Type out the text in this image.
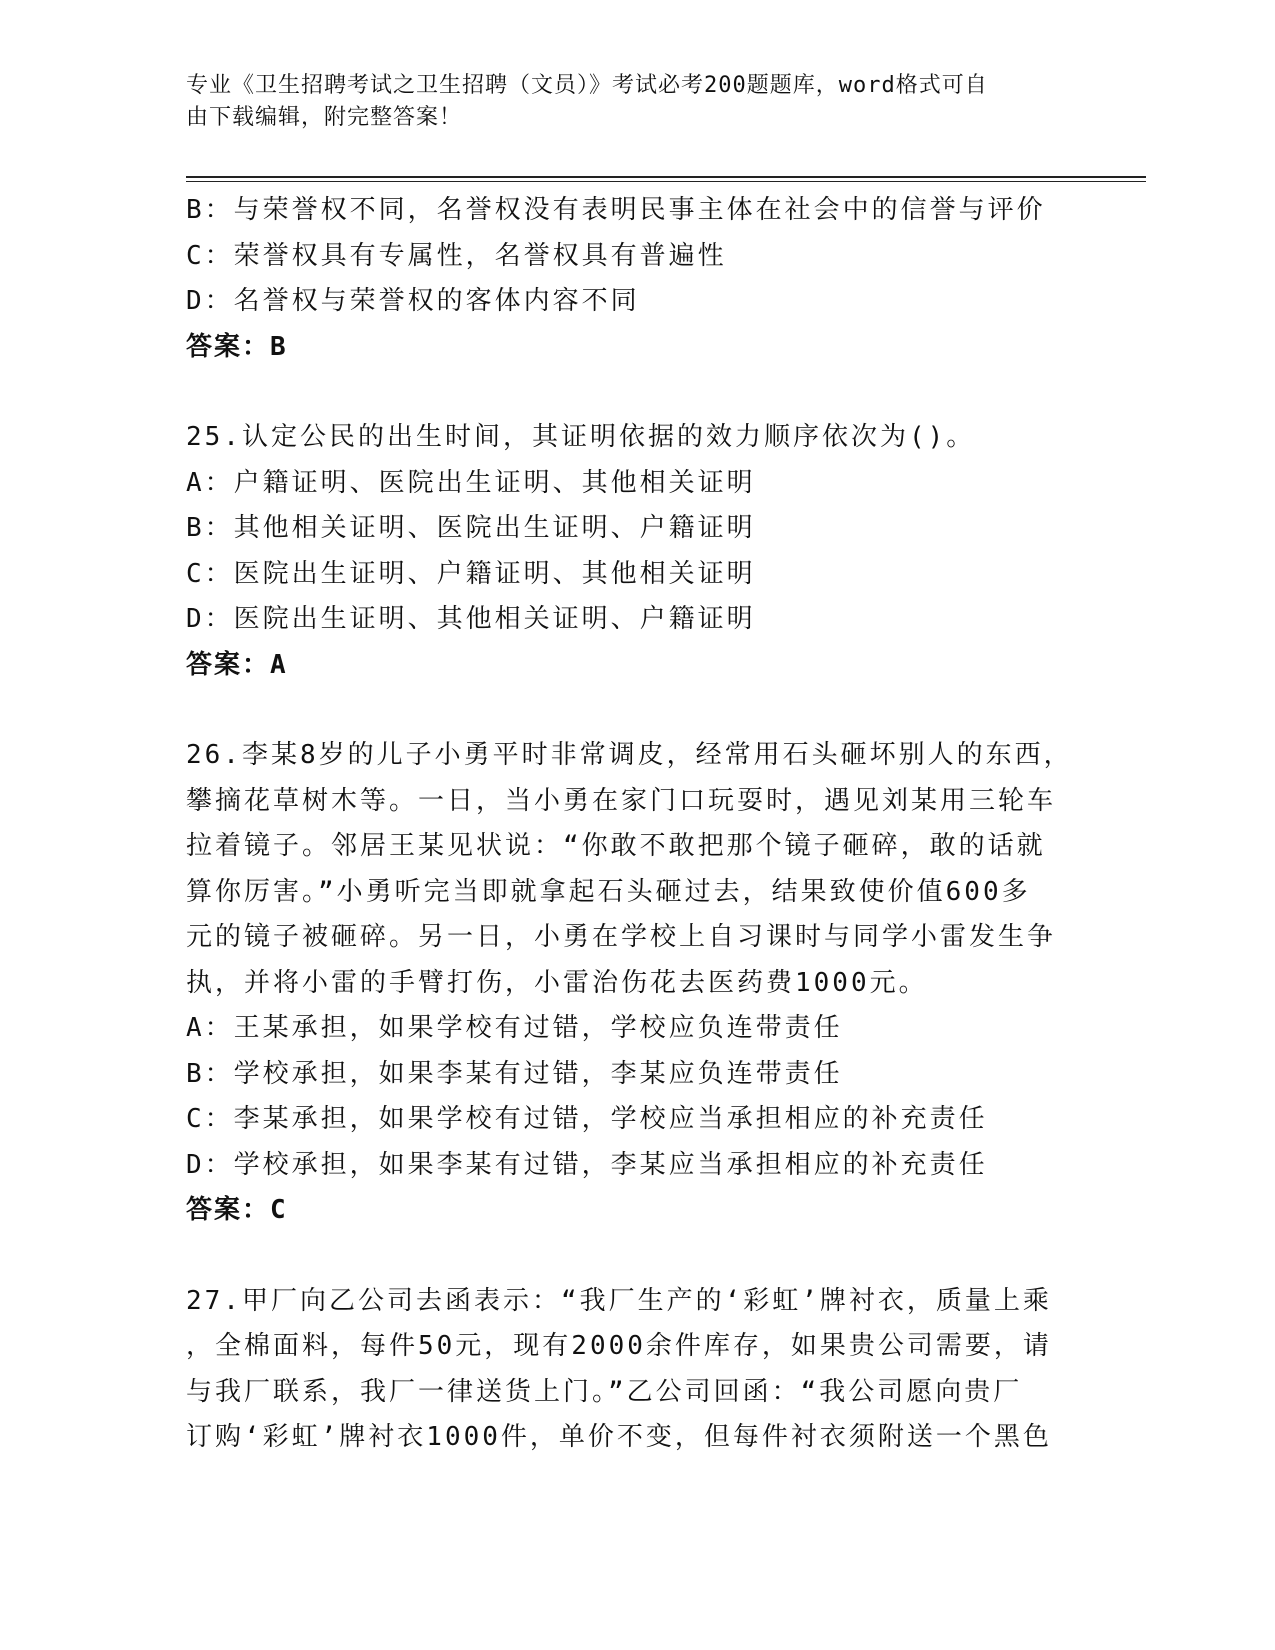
专业《卫生招聘考试之卫生招聘（文员）》考试必考200题题库，word格式可自
由下载编辑，附完整答案！
B：与荣誉权不同，名誉权没有表明民事主体在社会中的信誉与评价
C：荣誉权具有专属性，名誉权具有普遍性
D：名誉权与荣誉权的客体内容不同
答案：B
25.认定公民的出生时间，其证明依据的效力顺序依次为()。
A：户籍证明、医院出生证明、其他相关证明
B：其他相关证明、医院出生证明、户籍证明
C：医院出生证明、户籍证明、其他相关证明
D：医院出生证明、其他相关证明、户籍证明
答案：A
26.李某8岁的儿子小勇平时非常调皮，经常用石头砸坏别人的东西，
攀摘花草树木等。一日，当小勇在家门口玩耍时，遇见刘某用三轮车
拉着镜子。邻居王某见状说：“你敢不敢把那个镜子砸碎，敢的话就
算你厉害。”小勇听完当即就拿起石头砸过去，结果致使价值600多
元的镜子被砸碎。另一日，小勇在学校上自习课时与同学小雷发生争
执，并将小雷的手臂打伤，小雷治伤花去医药费1000元。
A：王某承担，如果学校有过错，学校应负连带责任
B：学校承担，如果李某有过错，李某应负连带责任
C：李某承担，如果学校有过错，学校应当承担相应的补充责任
D：学校承担，如果李某有过错，李某应当承担相应的补充责任
答案：C
27.甲厂向乙公司去函表示：“我厂生产的‘彩虹’牌衬衣，质量上乘
，全棉面料，每件50元，现有2000余件库存，如果贵公司需要，请
与我厂联系，我厂一律送货上门。”乙公司回函：“我公司愿向贵厂
订购‘彩虹’牌衬衣1000件，单价不变，但每件衬衣须附送一个黑色
